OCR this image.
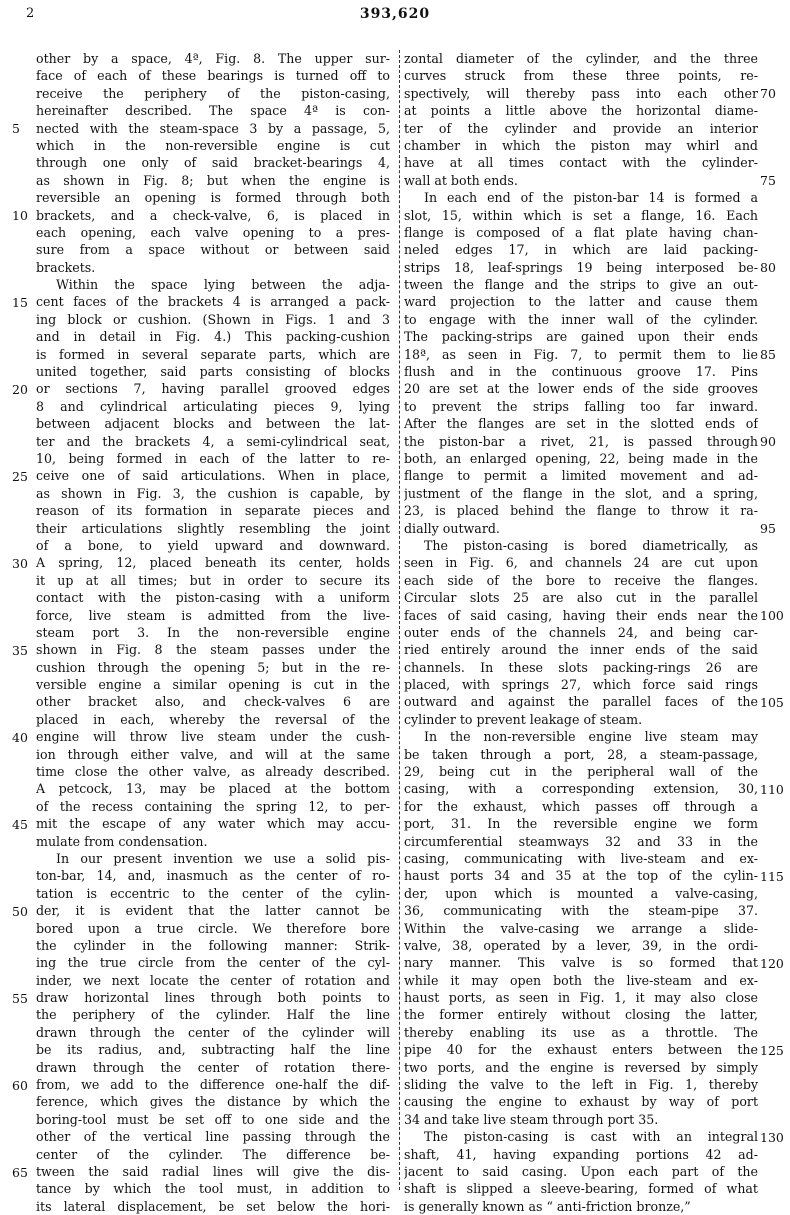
2	393,620
other by a space, 4ª, Fig. 8. The upper sur-
face of each of these bearings is turned off to
receive the periphery of the piston-casing,
hereinafter described. The space 4ª is con-
nected with the steam-space 3 by a passage, 5,
which in the non-reversible engine is cut
through one only of said bracket-bearings 4,
as shown in Fig. 8; but when the engine is
reversible an opening is formed through both
brackets, and a check-valve, 6, is placed in
each opening, each valve opening to a pres-
sure from a space without or between said
brackets.
Within the space lying between the adja-
cent faces of the brackets 4 is arranged a pack-
ing block or cushion. (Shown in Figs. 1 and 3
and in detail in Fig. 4.) This packing-cushion
is formed in several separate parts, which are
united together, said parts consisting of blocks
or sections 7, having parallel grooved edges
8 and cylindrical articulating pieces 9, lying
between adjacent blocks and between the lat-
ter and the brackets 4, a semi-cylindrical seat,
10, being formed in each of the latter to re-
ceive one of said articulations. When in place,
as shown in Fig. 3, the cushion is capable, by
reason of its formation in separate pieces and
their articulations slightly resembling the joint
of a bone, to yield upward and downward.
A spring, 12, placed beneath its center, holds
it up at all times; but in order to secure its
contact with the piston-casing with a uniform
force, live steam is admitted from the live-
steam port 3. In the non-reversible engine
shown in Fig. 8 the steam passes under the
cushion through the opening 5; but in the re-
versible engine a similar opening is cut in the
other bracket also, and check-valves 6 are
placed in each, whereby the reversal of the
engine will throw live steam under the cush-
ion through either valve, and will at the same
time close the other valve, as already described.
A petcock, 13, may be placed at the bottom
of the recess containing the spring 12, to per-
mit the escape of any water which may accu-
mulate from condensation.
In our present invention we use a solid pis-
ton-bar, 14, and, inasmuch as the center of ro-
tation is eccentric to the center of the cylin-
der, it is evident that the latter cannot be
bored upon a true circle. We therefore bore
the cylinder in the following manner: Strik-
ing the true circle from the center of the cyl-
inder, we next locate the center of rotation and
draw horizontal lines through both points to
the periphery of the cylinder. Half the line
drawn through the center of the cylinder will
be its radius, and, subtracting half the line
drawn through the center of rotation there-
from, we add to the difference one-half the dif-
ference, which gives the distance by which the
boring-tool must be set off to one side and the
other of the vertical line passing through the
center of the cylinder. The difference be-
tween the said radial lines will give the dis-
tance by which the tool must, in addition to
its lateral displacement, be set below the hori-
zontal diameter of the cylinder, and the three
curves struck from these three points, re-
spectively, will thereby pass into each other
at points a little above the horizontal diame-
ter of the cylinder and provide an interior
chamber in which the piston may whirl and
have at all times contact with the cylinder-
wall at both ends.
In each end of the piston-bar 14 is formed a
slot, 15, within which is set a flange, 16. Each
flange is composed of a flat plate having chan-
neled edges 17, in which are laid packing-
strips 18, leaf-springs 19 being interposed be-
tween the flange and the strips to give an out-
ward projection to the latter and cause them
to engage with the inner wall of the cylinder.
The packing-strips are gained upon their ends
18ª, as seen in Fig. 7, to permit them to lie
flush and in the continuous groove 17. Pins
20 are set at the lower ends of the side grooves
to prevent the strips falling too far inward.
After the flanges are set in the slotted ends of
the piston-bar a rivet, 21, is passed through
both, an enlarged opening, 22, being made in the
flange to permit a limited movement and ad-
justment of the flange in the slot, and a spring,
23, is placed behind the flange to throw it ra-
dially outward.
The piston-casing is bored diametrically, as
seen in Fig. 6, and channels 24 are cut upon
each side of the bore to receive the flanges.
Circular slots 25 are also cut in the parallel
faces of said casing, having their ends near the
outer ends of the channels 24, and being car-
ried entirely around the inner ends of the said
channels. In these slots packing-rings 26 are
placed, with springs 27, which force said rings
outward and against the parallel faces of the
cylinder to prevent leakage of steam.
In the non-reversible engine live steam may
be taken through a port, 28, a steam-passage,
29, being cut in the peripheral wall of the
casing, with a corresponding extension, 30,
for the exhaust, which passes off through a
port, 31. In the reversible engine we form
circumferential steamways 32 and 33 in the
casing, communicating with live-steam and ex-
haust ports 34 and 35 at the top of the cylin-
der, upon which is mounted a valve-casing,
36, communicating with the steam-pipe 37.
Within the valve-casing we arrange a slide-
valve, 38, operated by a lever, 39, in the ordi-
nary manner. This valve is so formed that
while it may open both the live-steam and ex-
haust ports, as seen in Fig. 1, it may also close
the former entirely without closing the latter,
thereby enabling its use as a throttle. The
pipe 40 for the exhaust enters between the
two ports, and the engine is reversed by simply
sliding the valve to the left in Fig. 1, thereby
causing the engine to exhaust by way of port
34 and take live steam through port 35.
The piston-casing is cast with an integral
shaft, 41, having expanding portions 42 ad-
jacent to said casing. Upon each part of the
shaft is slipped a sleeve-bearing, formed of what
is generally known as “ anti-friction bronze,”
5
10
15
20
25
30
35
40
45
50
55
60
65
70
75
80
85
90
95
100
105
110
115
120
125
130
